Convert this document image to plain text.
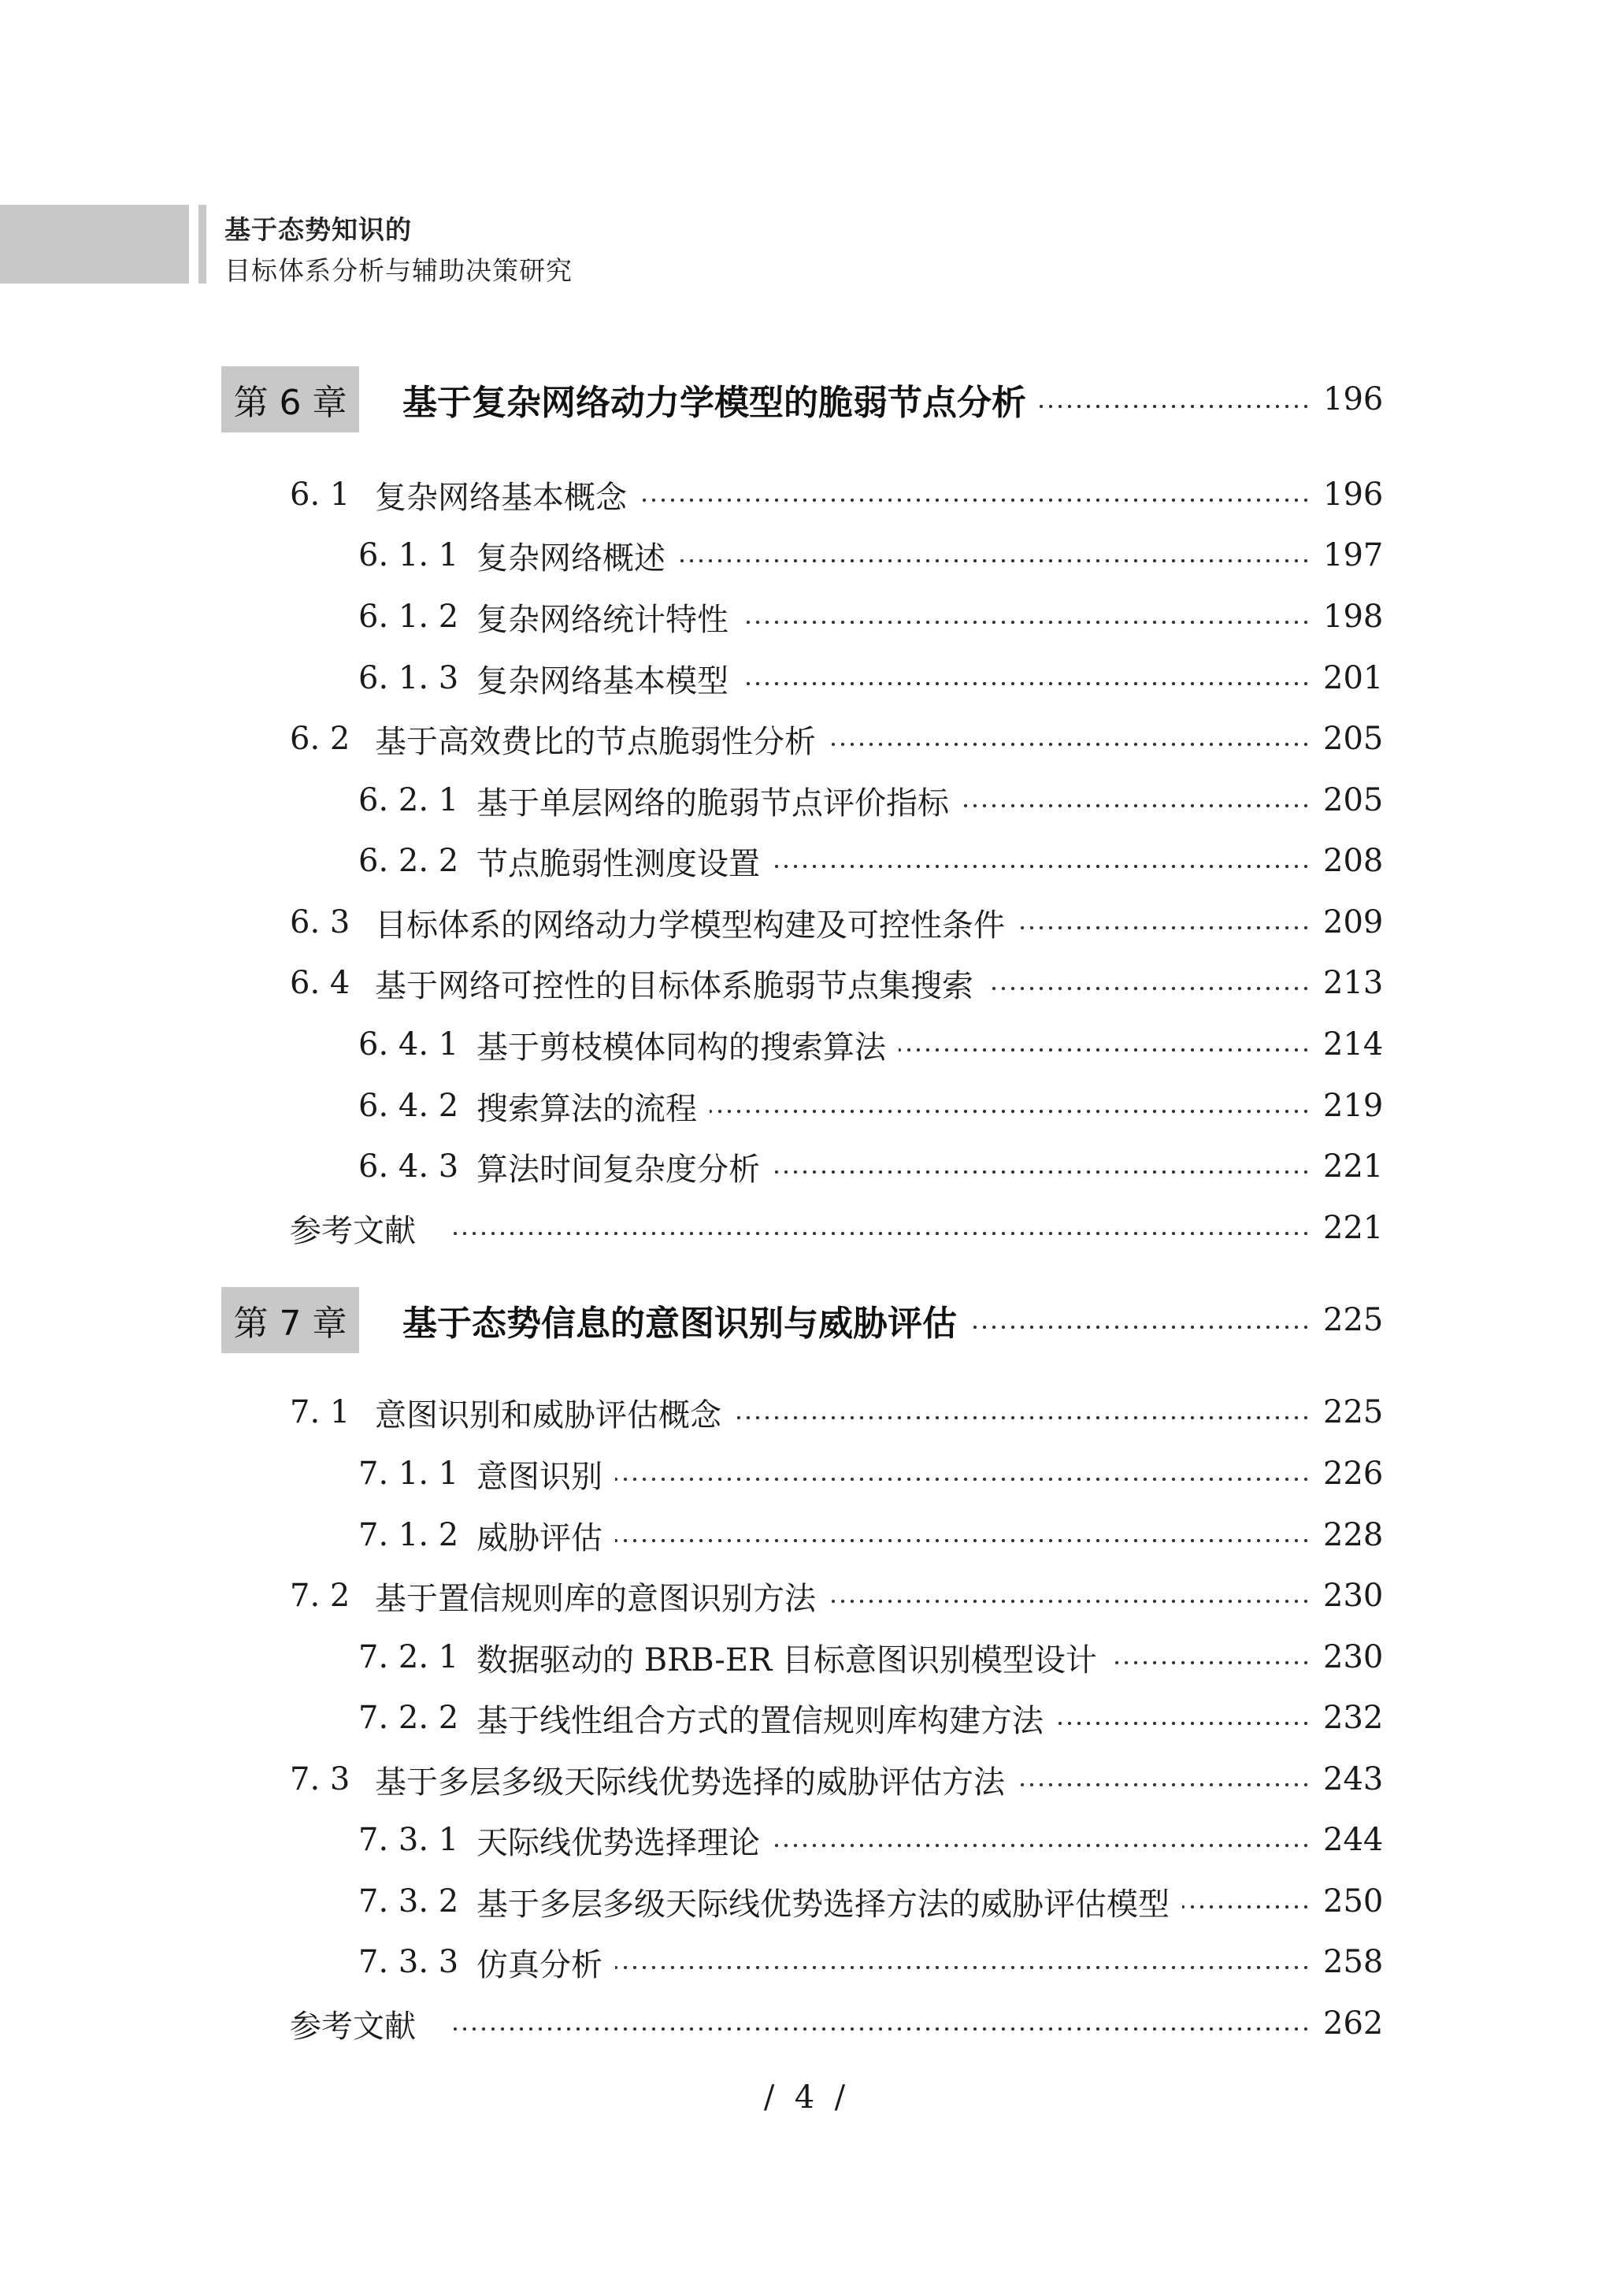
基于态势知识的
目标体系分析与辅助决策研究
第 6 章	基于复杂网络动力学模型的脆弱节点分析	196
6. 1 复杂网络基本概念	196
6. 1. 1 复杂网络概述	197
6. 1. 2 复杂网络统计特性	198
6. 1. 3 复杂网络基本模型	201
6. 2 基于高效费比的节点脆弱性分析	205
6. 2. 1 基于单层网络的脆弱节点评价指标	205
6. 2. 2 节点脆弱性测度设置	208
6. 3 目标体系的网络动力学模型构建及可控性条件	209
6. 4 基于网络可控性的目标体系脆弱节点集搜索	213
6. 4. 1 基于剪枝模体同构的搜索算法	214
6. 4. 2 搜索算法的流程	219
6. 4. 3 算法时间复杂度分析	221
参考文献	221
第 7 章	基于态势信息的意图识别与威胁评估	225
7. 1 意图识别和威胁评估概念	225
7. 1. 1 意图识别	226
7. 1. 2 威胁评估	228
7. 2 基于置信规则库的意图识别方法	230
7. 2. 1 数据驱动的 BRB-ER 目标意图识别模型设计	230
7. 2. 2 基于线性组合方式的置信规则库构建方法	232
7. 3 基于多层多级天际线优势选择的威胁评估方法	243
7. 3. 1 天际线优势选择理论	244
7. 3. 2 基于多层多级天际线优势选择方法的威胁评估模型	250
7. 3. 3 仿真分析	258
参考文献	262
/  4  /
